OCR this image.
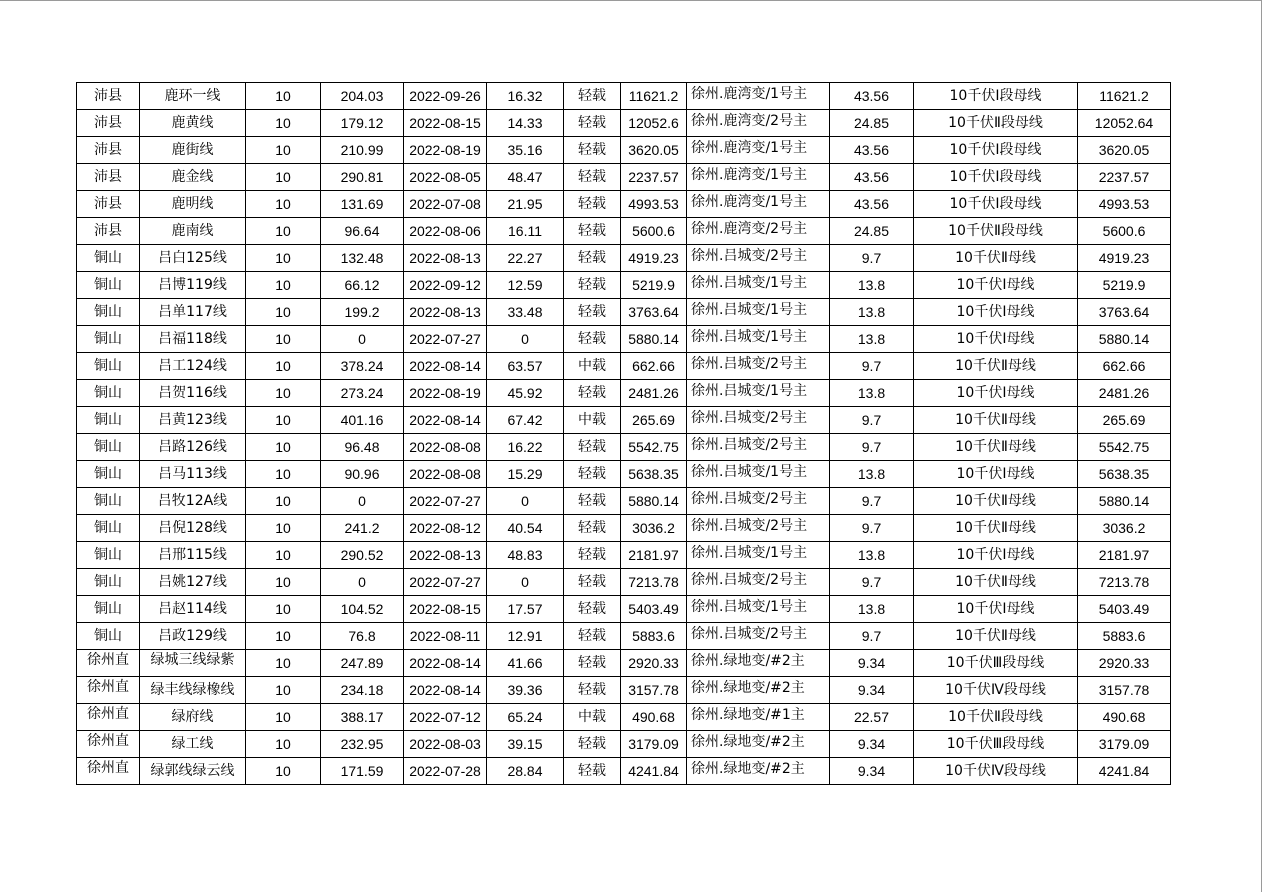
沛县	鹿环一线	10	204.03	2022-09-26	16.32	轻载	11621.2	徐州.鹿湾变/1号主	43.56	10千伏Ⅰ段母线	11621.2
沛县	鹿黄线	10	179.12	2022-08-15	14.33	轻载	12052.6	徐州.鹿湾变/2号主	24.85	10千伏Ⅱ段母线	12052.64
沛县	鹿街线	10	210.99	2022-08-19	35.16	轻载	3620.05	徐州.鹿湾变/1号主	43.56	10千伏Ⅰ段母线	3620.05
沛县	鹿金线	10	290.81	2022-08-05	48.47	轻载	2237.57	徐州.鹿湾变/1号主	43.56	10千伏Ⅰ段母线	2237.57
沛县	鹿明线	10	131.69	2022-07-08	21.95	轻载	4993.53	徐州.鹿湾变/1号主	43.56	10千伏Ⅰ段母线	4993.53
沛县	鹿南线	10	96.64	2022-08-06	16.11	轻载	5600.6	徐州.鹿湾变/2号主	24.85	10千伏Ⅱ段母线	5600.6
铜山	吕白125线	10	132.48	2022-08-13	22.27	轻载	4919.23	徐州.吕城变/2号主	9.7	10千伏Ⅱ母线	4919.23
铜山	吕博119线	10	66.12	2022-09-12	12.59	轻载	5219.9	徐州.吕城变/1号主	13.8	10千伏Ⅰ母线	5219.9
铜山	吕单117线	10	199.2	2022-08-13	33.48	轻载	3763.64	徐州.吕城变/1号主	13.8	10千伏Ⅰ母线	3763.64
铜山	吕福118线	10	0	2022-07-27	0	轻载	5880.14	徐州.吕城变/1号主	13.8	10千伏Ⅰ母线	5880.14
铜山	吕工124线	10	378.24	2022-08-14	63.57	中载	662.66	徐州.吕城变/2号主	9.7	10千伏Ⅱ母线	662.66
铜山	吕贺116线	10	273.24	2022-08-19	45.92	轻载	2481.26	徐州.吕城变/1号主	13.8	10千伏Ⅰ母线	2481.26
铜山	吕黄123线	10	401.16	2022-08-14	67.42	中载	265.69	徐州.吕城变/2号主	9.7	10千伏Ⅱ母线	265.69
铜山	吕路126线	10	96.48	2022-08-08	16.22	轻载	5542.75	徐州.吕城变/2号主	9.7	10千伏Ⅱ母线	5542.75
铜山	吕马113线	10	90.96	2022-08-08	15.29	轻载	5638.35	徐州.吕城变/1号主	13.8	10千伏Ⅰ母线	5638.35
铜山	吕牧12A线	10	0	2022-07-27	0	轻载	5880.14	徐州.吕城变/2号主	9.7	10千伏Ⅱ母线	5880.14
铜山	吕倪128线	10	241.2	2022-08-12	40.54	轻载	3036.2	徐州.吕城变/2号主	9.7	10千伏Ⅱ母线	3036.2
铜山	吕邢115线	10	290.52	2022-08-13	48.83	轻载	2181.97	徐州.吕城变/1号主	13.8	10千伏Ⅰ母线	2181.97
铜山	吕姚127线	10	0	2022-07-27	0	轻载	7213.78	徐州.吕城变/2号主	9.7	10千伏Ⅱ母线	7213.78
铜山	吕赵114线	10	104.52	2022-08-15	17.57	轻载	5403.49	徐州.吕城变/1号主	13.8	10千伏Ⅰ母线	5403.49
铜山	吕政129线	10	76.8	2022-08-11	12.91	轻载	5883.6	徐州.吕城变/2号主	9.7	10千伏Ⅱ母线	5883.6
徐州直	绿城三线绿紫	10	247.89	2022-08-14	41.66	轻载	2920.33	徐州.绿地变/#2主	9.34	10千伏Ⅲ段母线	2920.33
徐州直	绿丰线绿橡线	10	234.18	2022-08-14	39.36	轻载	3157.78	徐州.绿地变/#2主	9.34	10千伏Ⅳ段母线	3157.78
徐州直	绿府线	10	388.17	2022-07-12	65.24	中载	490.68	徐州.绿地变/#1主	22.57	10千伏Ⅱ段母线	490.68
徐州直	绿工线	10	232.95	2022-08-03	39.15	轻载	3179.09	徐州.绿地变/#2主	9.34	10千伏Ⅲ段母线	3179.09
徐州直	绿郭线绿云线	10	171.59	2022-07-28	28.84	轻载	4241.84	徐州.绿地变/#2主	9.34	10千伏Ⅳ段母线	4241.84
